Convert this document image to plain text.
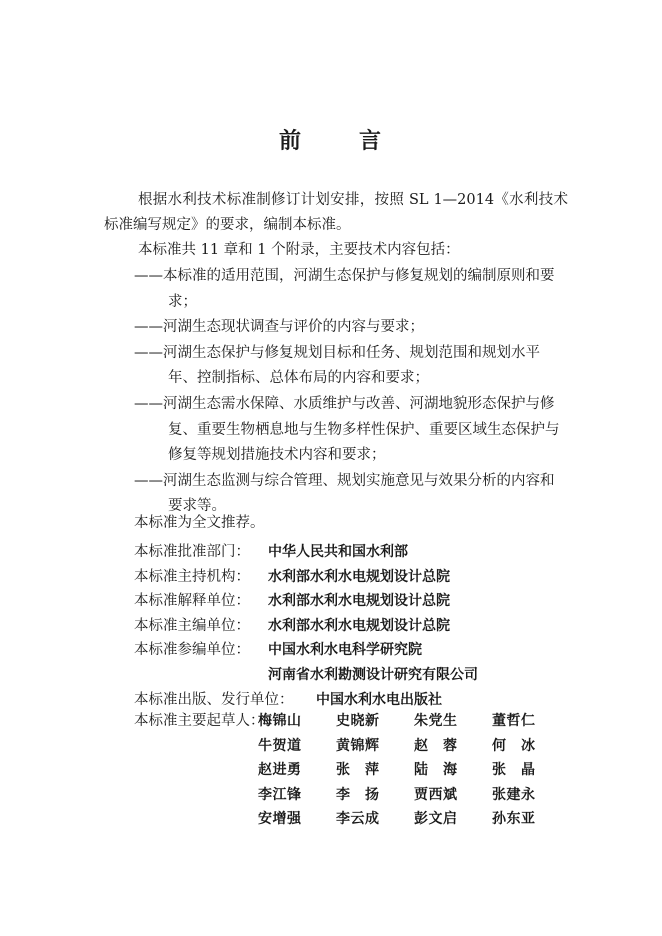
前	言

根据水利技术标准制修订计划安排，按照 SL 1—2014《水利技术标准编写规定》的要求，编制本标准。

本标准共 11 章和 1 个附录，主要技术内容包括：

——本标准的适用范围，河湖生态保护与修复规划的编制原则和要求；

——河湖生态现状调查与评价的内容与要求；

——河湖生态保护与修复规划目标和任务、规划范围和规划水平年、控制指标、总体布局的内容和要求；

——河湖生态需水保障、水质维护与改善、河湖地貌形态保护与修复、重要生物栖息地与生物多样性保护、重要区域生态保护与修复等规划措施技术内容和要求；

——河湖生态监测与综合管理、规划实施意见与效果分析的内容和要求等。

本标准为全文推荐。
本标准批准部门： 中华人民共和国水利部
本标准主持机构： 水利部水利水电规划设计总院
本标准解释单位： 水利部水利水电规划设计总院
本标准主编单位： 水利部水利水电规划设计总院
本标准参编单位： 中国水利水电科学研究院
河南省水利勘测设计研究有限公司
本标准出版、发行单位： 中国水利水电出版社
本标准主要起草人：
梅锦山 史晓新 朱党生 董哲仁
牛贺道 黄锦辉 赵　蓉 何　冰
赵进勇 张　萍 陆　海 张　晶
李江锋 李　扬 贾西斌 张建永
安增强 李云成 彭文启 孙东亚
